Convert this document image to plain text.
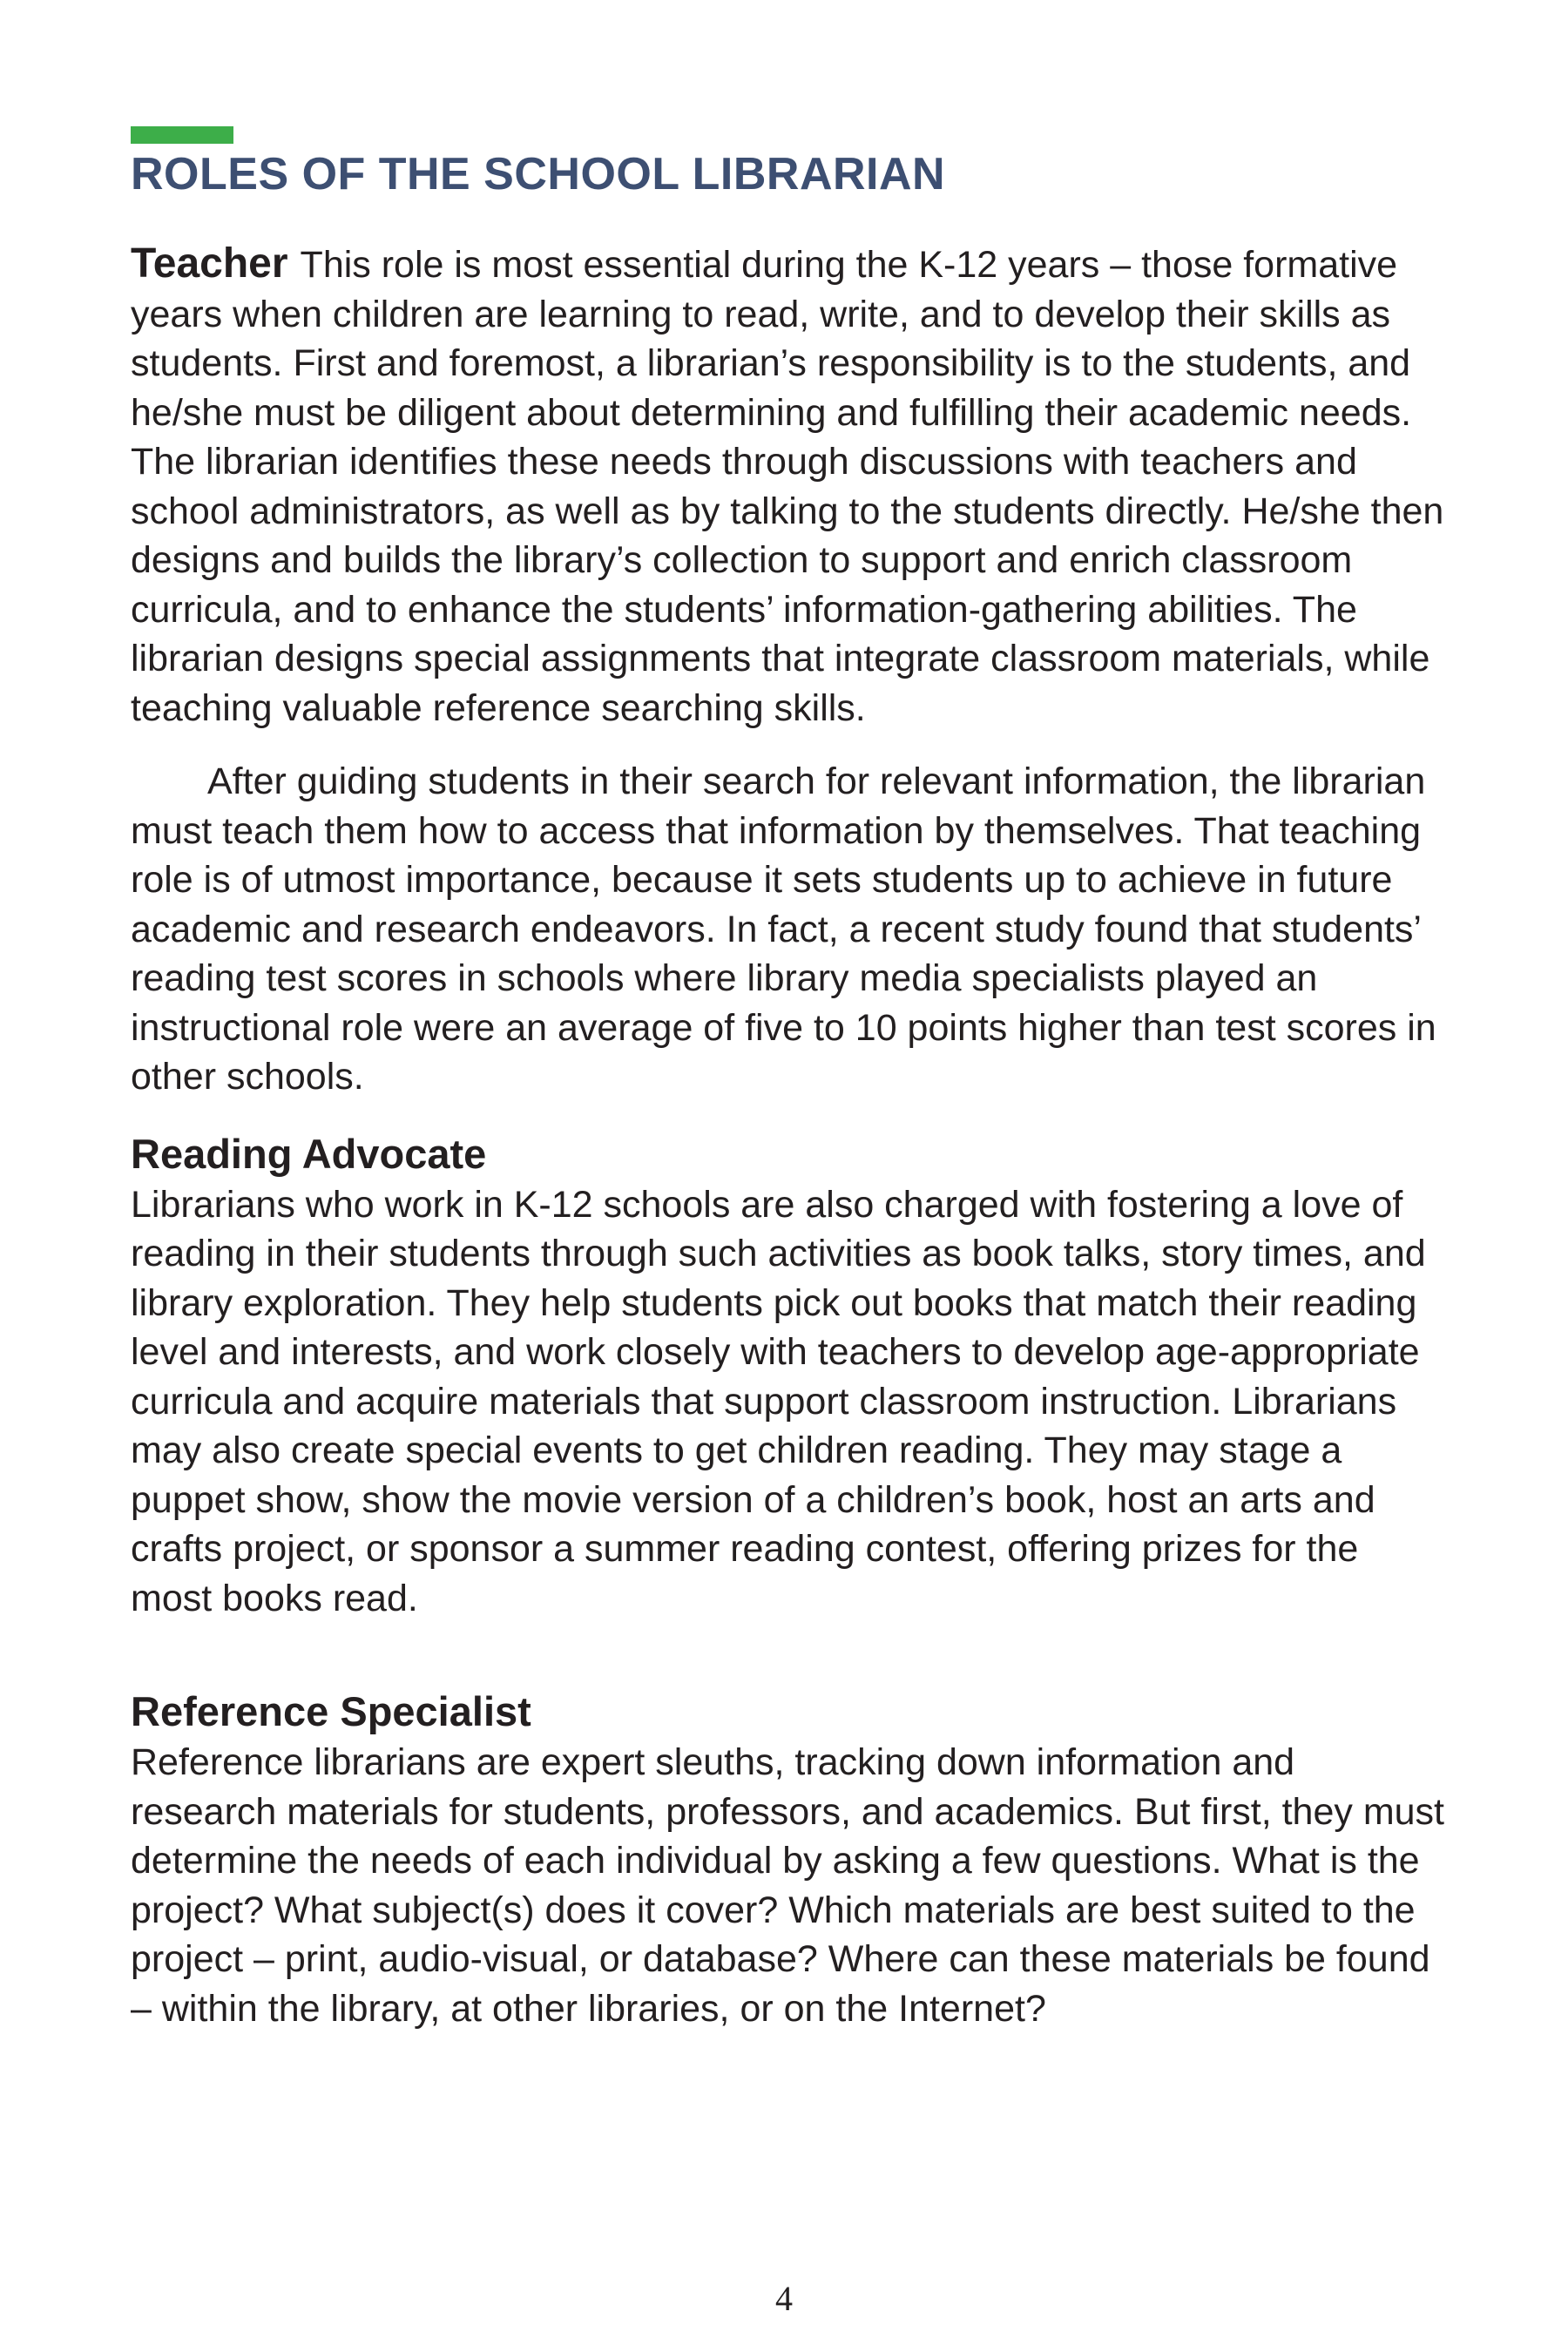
ROLES OF THE SCHOOL LIBRARIAN

Teacher This role is most essential during the K-12 years – those formative years when children are learning to read, write, and to develop their skills as students. First and foremost, a librarian’s responsibility is to the students, and he/she must be diligent about determining and fulfilling their academic needs. The librarian identifies these needs through discussions with teachers and school administrators, as well as by talking to the students directly. He/she then designs and builds the library’s collection to support and enrich classroom curricula, and to enhance the students’ information-gathering abilities. The librarian designs special assignments that integrate classroom materials, while teaching valuable reference searching skills.

After guiding students in their search for relevant information, the librarian must teach them how to access that information by themselves. That teaching role is of utmost importance, because it sets students up to achieve in future academic and research endeavors. In fact, a recent study found that students’ reading test scores in schools where library media specialists played an instructional role were an average of five to 10 points higher than test scores in other schools.

Reading Advocate

Librarians who work in K-12 schools are also charged with fostering a love of reading in their students through such activities as book talks, story times, and library exploration. They help students pick out books that match their reading level and interests, and work closely with teachers to develop age-appropriate curricula and acquire materials that support classroom instruction. Librarians may also create special events to get children reading. They may stage a puppet show, show the movie version of a children’s book, host an arts and crafts project, or sponsor a summer reading contest, offering prizes for the most books read.

Reference Specialist

Reference librarians are expert sleuths, tracking down information and research materials for students, professors, and academics. But first, they must determine the needs of each individual by asking a few questions. What is the project? What subject(s) does it cover? Which materials are best suited to the project – print, audio-visual, or database? Where can these materials be found – within the library, at other libraries, or on the Internet?

4
